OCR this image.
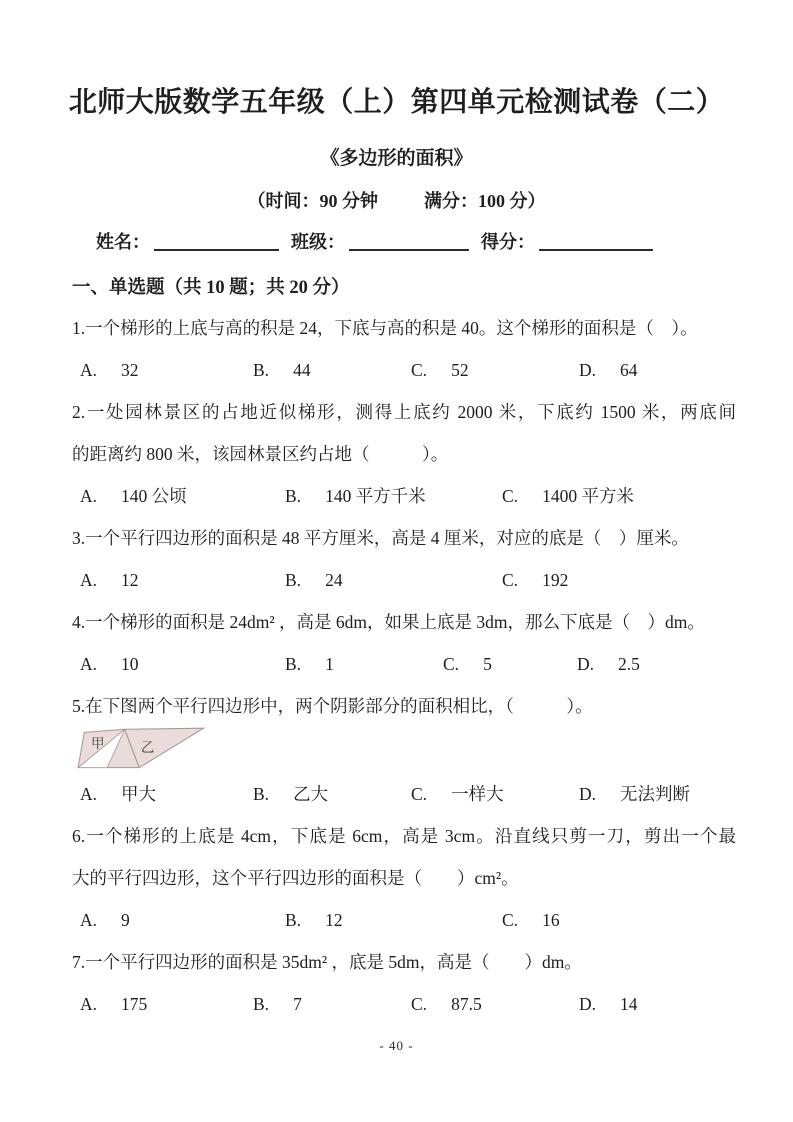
北师大版数学五年级（上）第四单元检测试卷（二）
《多边形的面积》
（时间：90 分钟	满分：100 分）
姓名：	班级：	得分：
一、单选题（共 10 题；共 20 分）
1.一个梯形的上底与高的积是 24，下底与高的积是 40。这个梯形的面积是（　）。
A. 32	B. 44	C. 52	D. 64
2.一处园林景区的占地近似梯形，测得上底约 2000 米，下底约 1500 米，两底间
的距离约 800 米，该园林景区约占地（　　　）。
A. 140 公顷	B. 140 平方千米	C. 1400 平方米
3.一个平行四边形的面积是 48 平方厘米，高是 4 厘米，对应的底是（　）厘米。
A. 12	B. 24	C. 192
4.一个梯形的面积是 24dm² ，高是 6dm，如果上底是 3dm，那么下底是（　）dm。
A. 10	B. 1	C. 5	D. 2.5
5.在下图两个平行四边形中，两个阴影部分的面积相比，（　　　）。
甲	乙
A. 甲大	B. 乙大	C. 一样大	D. 无法判断
6.一个梯形的上底是 4cm，下底是 6cm，高是 3cm。沿直线只剪一刀，剪出一个最
大的平行四边形，这个平行四边形的面积是（　　）cm²。
A. 9	B. 12	C. 16
7.一个平行四边形的面积是 35dm² ，底是 5dm，高是（　　）dm。
A. 175	B. 7	C. 87.5	D. 14
- 40 -
